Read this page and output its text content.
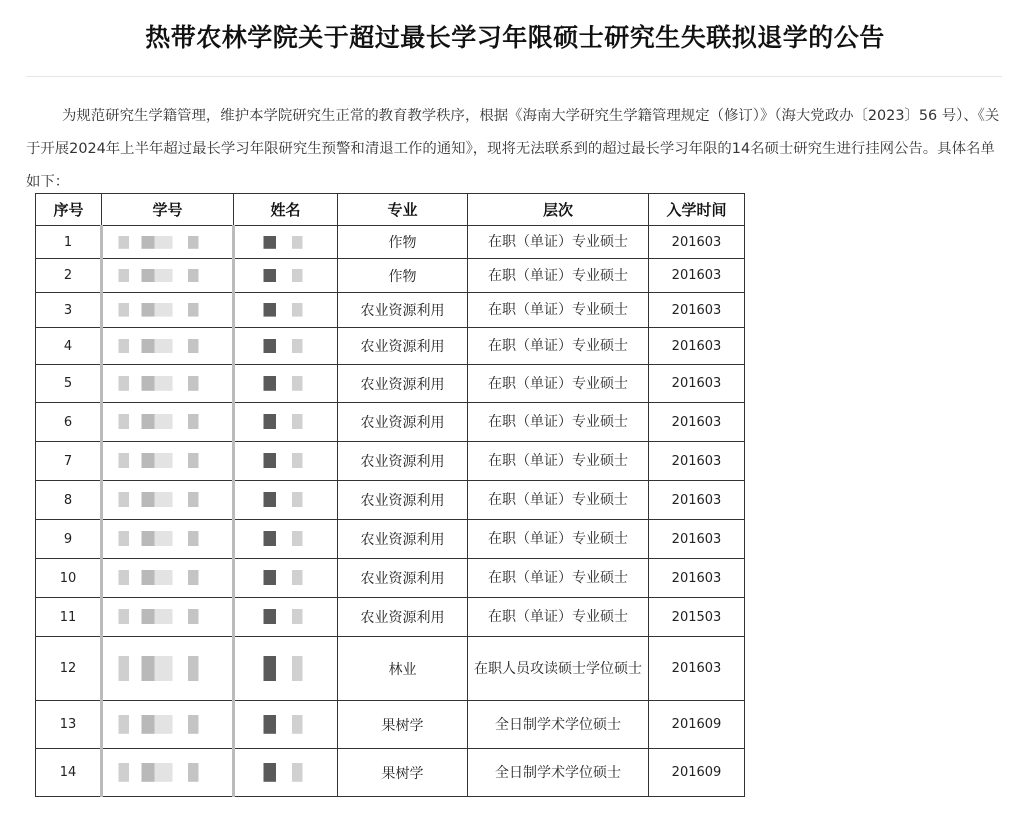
热带农林学院关于超过最长学习年限硕士研究生失联拟退学的公告

为规范研究生学籍管理，维护本学院研究生正常的教育教学秩序，根据《海南大学研究生学籍管理规定（修订）》（海大党政办〔2023〕56 号）、《关于开展2024年上半年超过最长学习年限研究生预警和清退工作的通知》，现将无法联系到的超过最长学习年限的14名硕士研究生进行挂网公告。具体名单如下：

序号	学号	姓名	专业	层次	入学时间
1			作物	在职（单证）专业硕士	201603
2			作物	在职（单证）专业硕士	201603
3			农业资源利用	在职（单证）专业硕士	201603
4			农业资源利用	在职（单证）专业硕士	201603
5			农业资源利用	在职（单证）专业硕士	201603
6			农业资源利用	在职（单证）专业硕士	201603
7			农业资源利用	在职（单证）专业硕士	201603
8			农业资源利用	在职（单证）专业硕士	201603
9			农业资源利用	在职（单证）专业硕士	201603
10			农业资源利用	在职（单证）专业硕士	201603
11			农业资源利用	在职（单证）专业硕士	201503
12			林业	在职人员攻读硕士学位硕士	201603
13			果树学	全日制学术学位硕士	201609
14			果树学	全日制学术学位硕士	201609
